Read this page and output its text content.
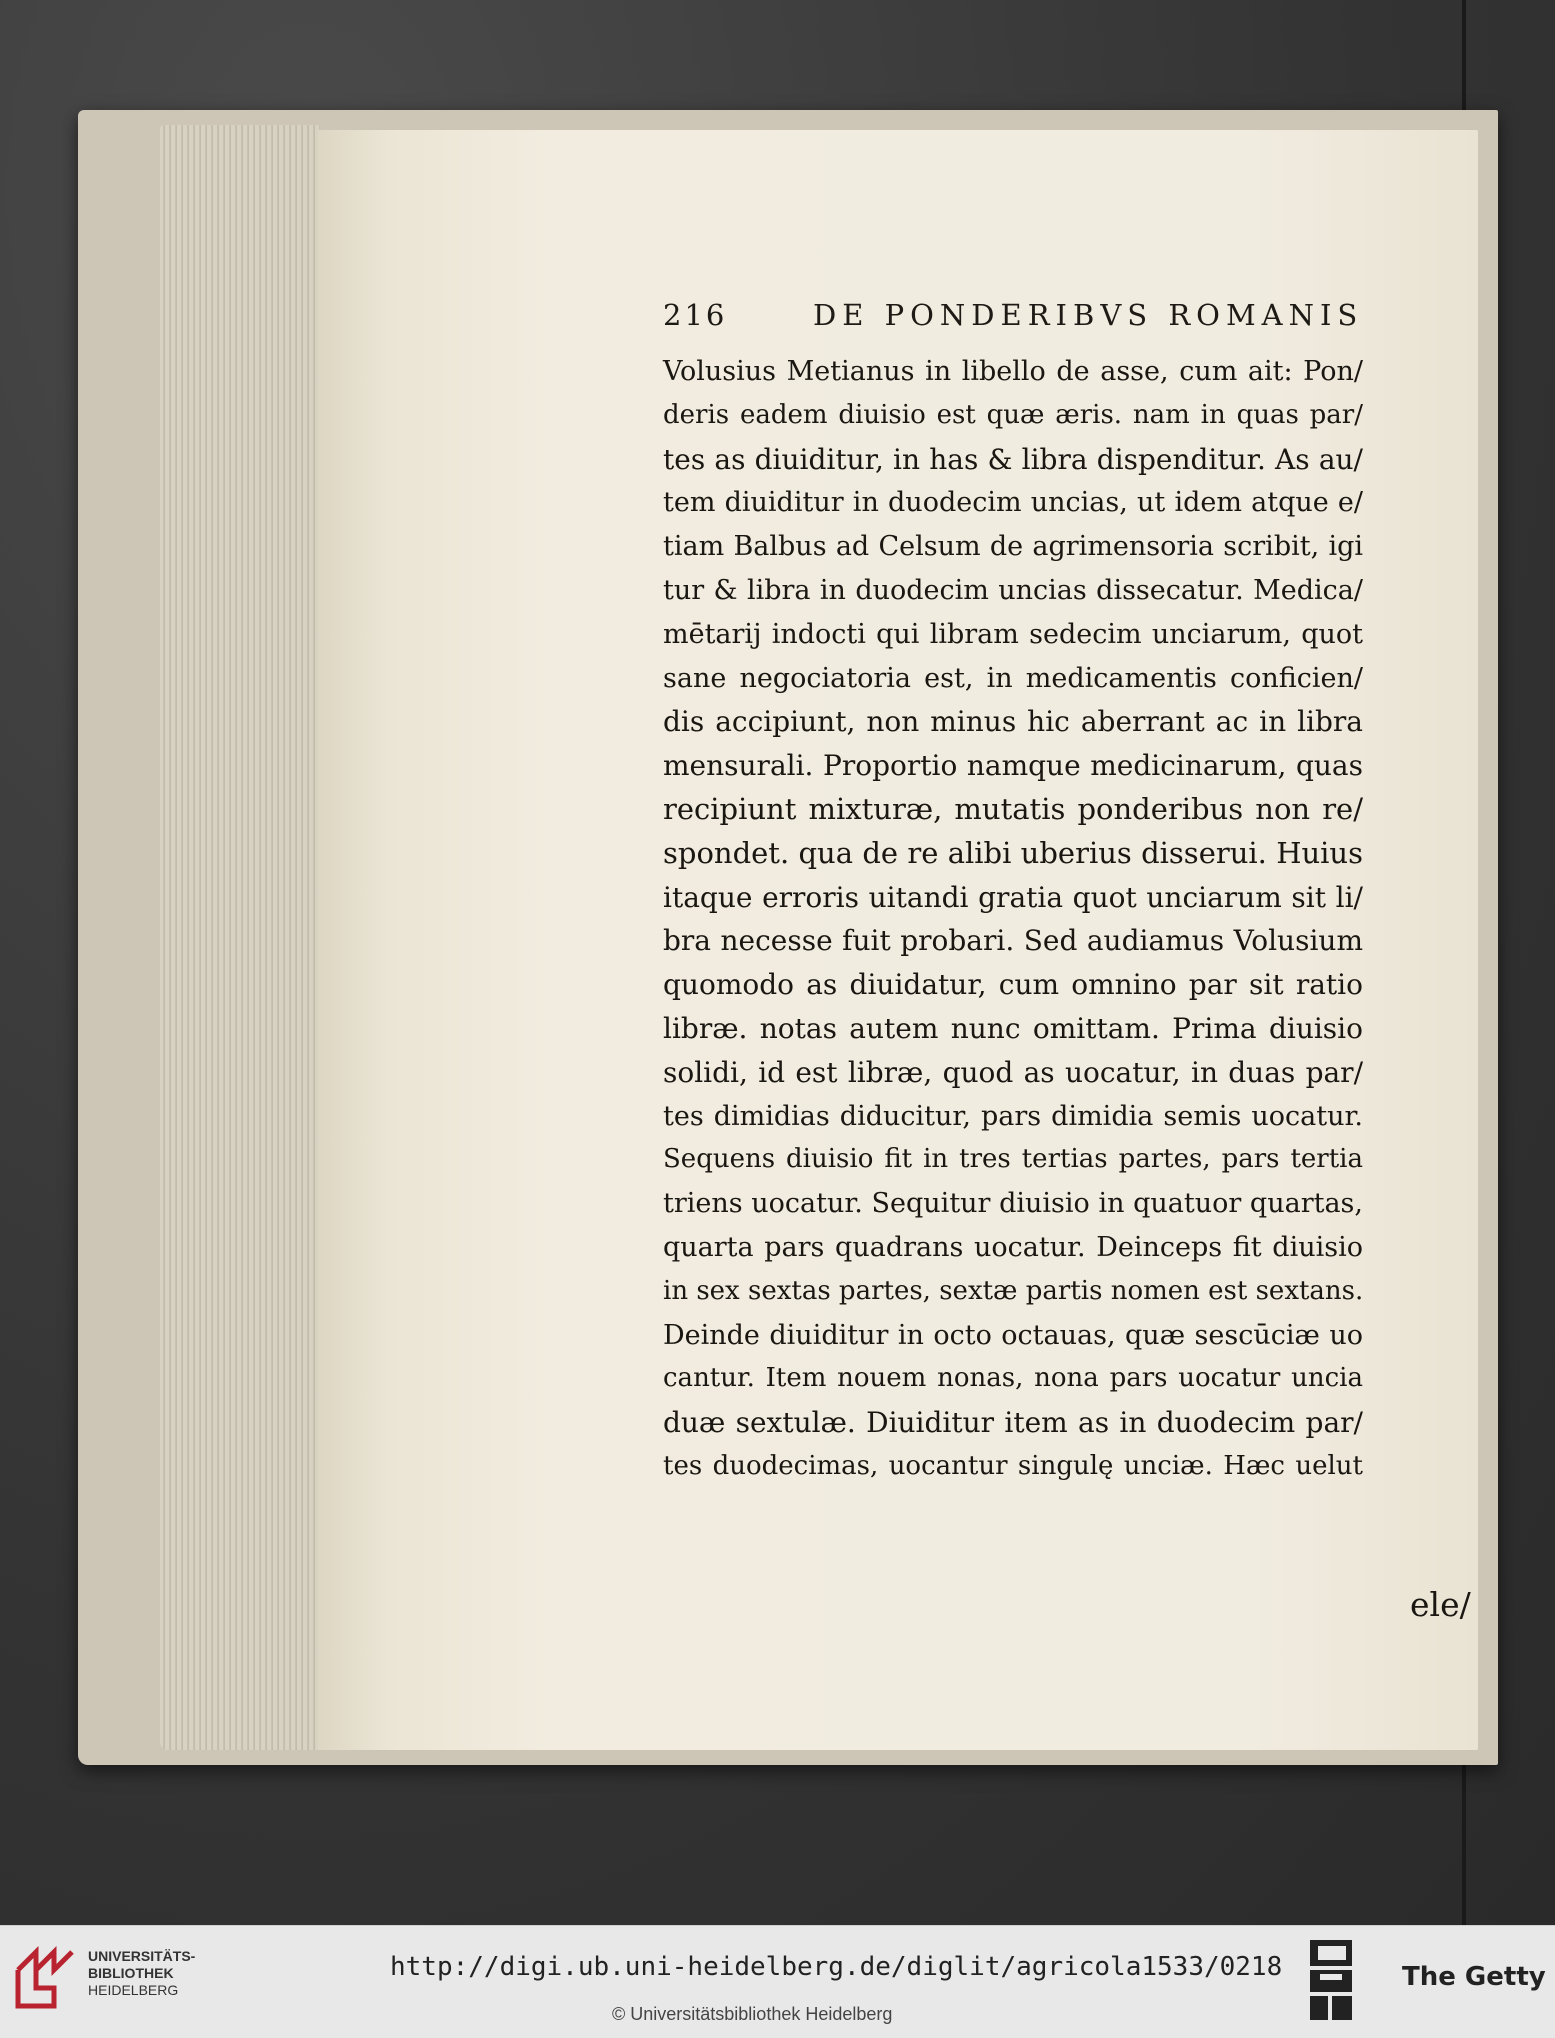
216	DE PONDERIBVS ROMANIS
Volusius Metianus in libello de asse, cum ait: Pon/
deris eadem diuisio est quæ æris. nam in quas par/
tes as diuiditur, in has & libra dispenditur. As au/
tem diuiditur in duodecim uncias, ut idem atque e/
tiam Balbus ad Celsum de agrimensoria scribit, igi
tur & libra in duodecim uncias dissecatur. Medica/
mētarij indocti qui libram sedecim unciarum, quot
sane negociatoria est, in medicamentis conficien/
dis accipiunt, non minus hic aberrant ac in libra
mensurali. Proportio namque medicinarum, quas
recipiunt mixturæ, mutatis ponderibus non re/
spondet. qua de re alibi uberius disserui. Huius
itaque erroris uitandi gratia quot unciarum sit li/
bra necesse fuit probari. Sed audiamus Volusium
quomodo as diuidatur, cum omnino par sit ratio
libræ. notas autem nunc omittam. Prima diuisio
solidi, id est libræ, quod as uocatur, in duas par/
tes dimidias diducitur, pars dimidia semis uocatur.
Sequens diuisio fit in tres tertias partes, pars tertia
triens uocatur. Sequitur diuisio in quatuor quartas,
quarta pars quadrans uocatur. Deinceps fit diuisio
in sex sextas partes, sextæ partis nomen est sextans.
Deinde diuiditur in octo octauas, quæ sescūciæ uo
cantur. Item nouem nonas, nona pars uocatur uncia
duæ sextulæ. Diuiditur item as in duodecim par/
tes duodecimas, uocantur singulę unciæ. Hæc uelut
ele/
UNIVERSITÄTS-
BIBLIOTHEK
HEIDELBERG
http://digi.ub.uni-heidelberg.de/diglit/agricola1533/0218
© Universitätsbibliothek Heidelberg
The Getty
